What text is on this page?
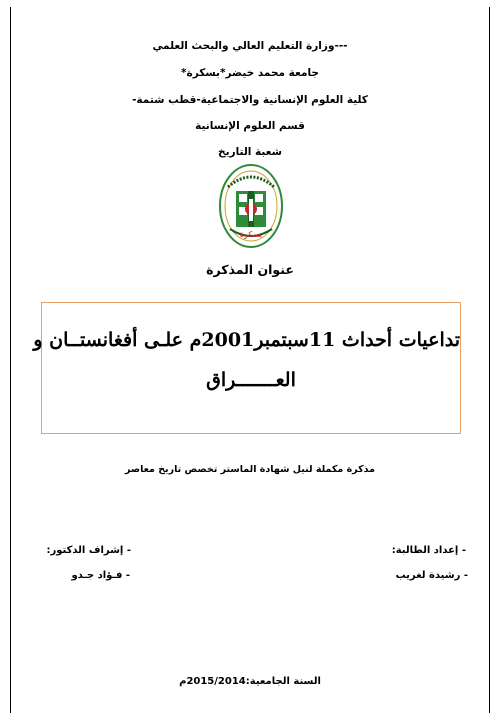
---وزارة التعليم العالي والبحث العلمي
جامعة محمد خيضر*بسكرة*
كلية العلوم الإنسانية والاجتماعية-قطب شتمة-
قسم العلوم الإنسانية
شعبة التاريخ
بسكرة
عنوان المذكرة
تداعيات أحداث 11سبتمبر2001م علـى أفغانستــان و
العـــــــراق
مذكرة مكملة لنيل شهادة الماستر تخصص تاريخ معاصر
- إعداد الطالبة:
- رشيدة لغريب
- إشراف الدكتور:
- فـؤاد جـدو
السنة الجامعية:2015/2014م
